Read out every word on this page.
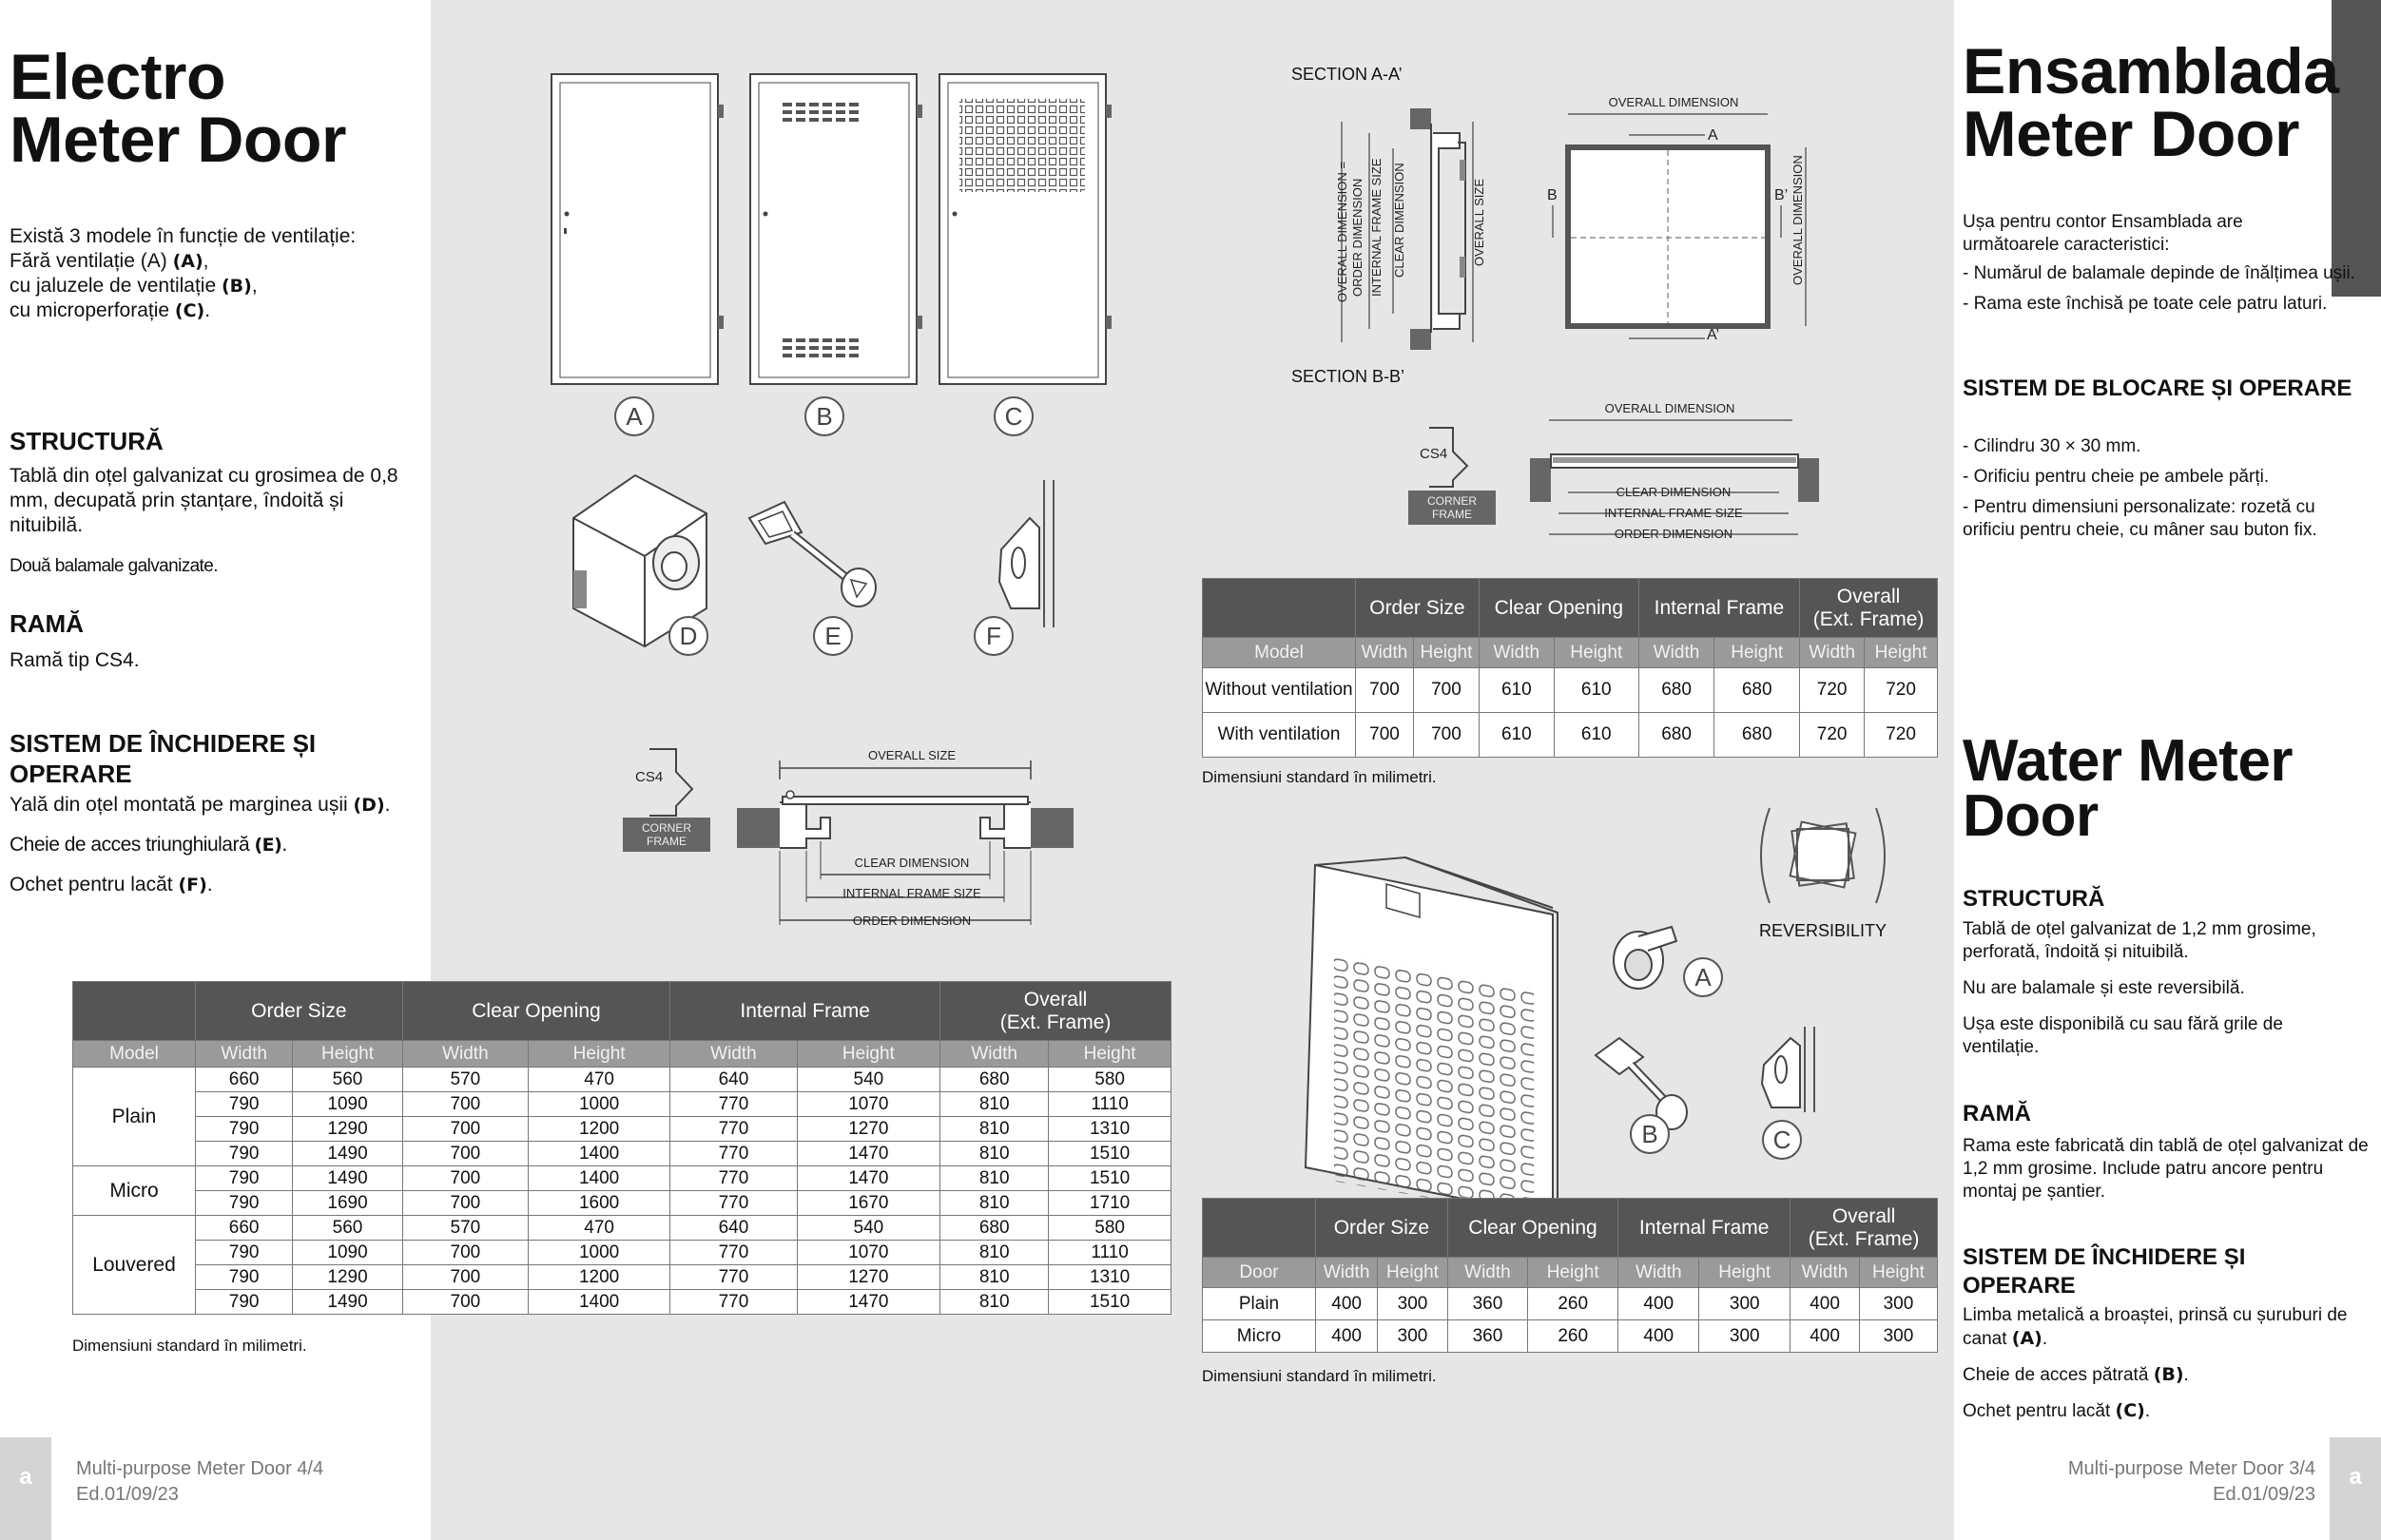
Electro
Meter Door
Există 3 modele în funcție de ventilație:
Fără ventilație (A) (A),
cu jaluzele de ventilație (B),
cu microperforație (C).
STRUCTURĂ
Tablă din oțel galvanizat cu grosimea de 0,8 mm, decupată prin ștanțare, îndoită și nituibilă.
Două balamale galvanizate.
RAMĂ
Ramă tip CS4.
SISTEM DE ÎNCHIDERE ȘI OPERARE
Yală din oțel montată pe marginea ușii (D).
Cheie de acces triunghiulară (E).
Ochet pentru lacăt (F).
	Order Size		Clear Opening		Internal Frame		Overall
(Ext. Frame)	

Model	Width	Height	Width	Height	Width	Height	Width	Height
Plain	660	560	570	470	640	540	680	580
	790	1090	700	1000	770	1070	810	1110
	790	1290	700	1200	770	1270	810	1310
	790	1490	700	1400	770	1470	810	1510
Micro	790	1490	700	1400	770	1470	810	1510
	790	1690	700	1600	770	1670	810	1710
Louvered	660	560	570	470	640	540	680	580
	790	1090	700	1000	770	1070	810	1110
	790	1290	700	1200	770	1270	810	1310
	790	1490	700	1400	770	1470	810	1510
Dimensiuni standard în milimetri.
CS4
CORNER
FRAME
OVERALL SIZE
CLEAR DIMENSION
INTERNAL FRAME SIZE
ORDER DIMENSION
SECTION A-A’
OVERALL DIMENSION = ORDER DIMENSION INTERNAL FRAME SIZE CLEAR DIMENSION	OVERALL SIZE
OVERALL DIMENSION
A
A’
B	B’ OVERALL DIMENSION
SECTION B-B’
CS4
CORNER
FRAME
OVERALL DIMENSION
CLEAR DIMENSION
INTERNAL FRAME SIZE
ORDER DIMENSION
REVERSIBILITY
A	B	C
D	E	F
A
B	C
	Order Size		Clear Opening		Internal Frame		Overall
(Ext. Frame)	

Model	Width	Height	Width	Height	Width	Height	Width	Height
Without ventilation	700	700	610	610	680	680	720	720
With ventilation	700	700	610	610	680	680	720	720
Dimensiuni standard în milimetri.
	Order Size		Clear Opening		Internal Frame		Overall
(Ext. Frame)	

Door	Width	Height	Width	Height	Width	Height	Width	Height
Plain	400	300	360	260	400	300	400	300
Micro	400	300	360	260	400	300	400	300
Dimensiuni standard în milimetri.
Ensamblada
Meter Door
Ușa pentru contor Ensamblada are următoarele caracteristici:
- Numărul de balamale depinde de înălțimea ușii.
- Rama este închisă pe toate cele patru laturi.
SISTEM DE BLOCARE ȘI OPERARE
- Cilindru 30 × 30 mm.
- Orificiu pentru cheie pe ambele părți.
- Pentru dimensiuni personalizate: rozetă cu orificiu pentru cheie, cu mâner sau buton fix.
Water Meter
Door
STRUCTURĂ
Tablă de oțel galvanizat de 1,2 mm grosime, perforată, îndoită și nituibilă.
Nu are balamale și este reversibilă.
Ușa este disponibilă cu sau fără grile de ventilație.
RAMĂ
Rama este fabricată din tablă de oțel galvanizat de 1,2 mm grosime. Include patru ancore pentru montaj pe șantier.
SISTEM DE ÎNCHIDERE ȘI OPERARE
Limba metalică a broaștei, prinsă cu șuruburi de canat (A).
Cheie de acces pătrată (B).
Ochet pentru lacăt (C).
a	Multi-purpose Meter Door 4/4
Ed.01/09/23
a
Multi-purpose Meter Door 3/4
Ed.01/09/23
